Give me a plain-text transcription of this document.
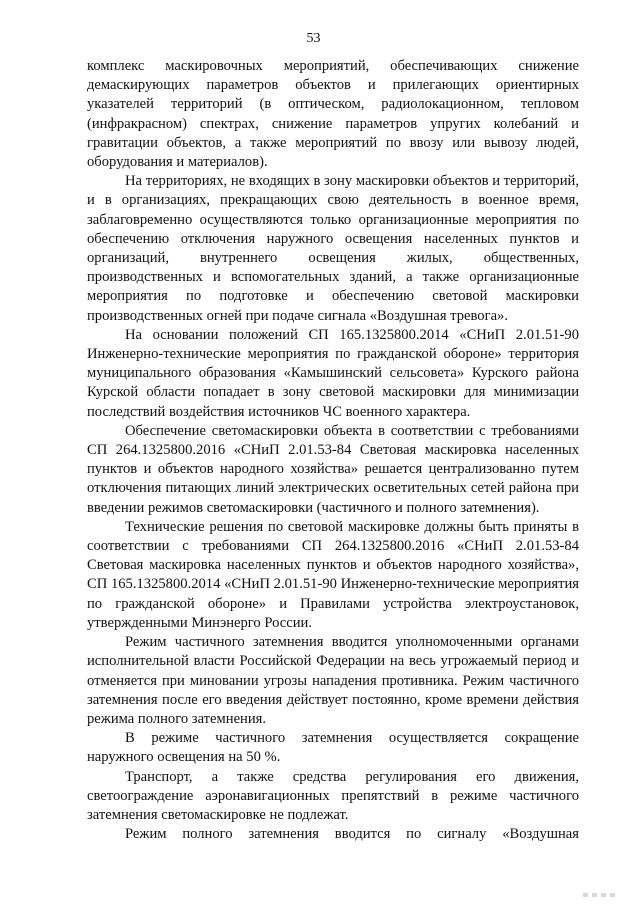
53

комплекс маскировочных мероприятий, обеспечивающих снижение демаскирующих параметров объектов и прилегающих ориентирных указателей территорий (в оптическом, радиолокационном, тепловом (инфракрасном) спектрах, снижение параметров упругих колебаний и гравитации объектов, а также мероприятий по ввозу или вывозу людей, оборудования и материалов).

На территориях, не входящих в зону маскировки объектов и территорий, и в организациях, прекращающих свою деятельность в военное время, заблаговременно осуществляются только организационные мероприятия по обеспечению отключения наружного освещения населенных пунктов и организаций, внутреннего освещения жилых, общественных, производственных и вспомогательных зданий, а также организационные мероприятия по подготовке и обеспечению световой маскировки производственных огней при подаче сигнала «Воздушная тревога».

На основании положений СП 165.1325800.2014 «СНиП 2.01.51-90 Инженерно-технические мероприятия по гражданской обороне» территория муниципального образования «Камышинский сельсовета» Курского района Курской области попадает в зону световой маскировки для минимизации последствий воздействия источников ЧС военного характера.

Обеспечение светомаскировки объекта в соответствии с требованиями СП 264.1325800.2016 «СНиП 2.01.53-84 Световая маскировка населенных пунктов и объектов народного хозяйства» решается централизованно путем отключения питающих линий электрических осветительных сетей района при введении режимов светомаскировки (частичного и полного затемнения).

Технические решения по световой маскировке должны быть приняты в соответствии с требованиями СП 264.1325800.2016 «СНиП 2.01.53-84 Световая маскировка населенных пунктов и объектов народного хозяйства», СП 165.1325800.2014 «СНиП 2.01.51-90 Инженерно-технические мероприятия по гражданской обороне» и Правилами устройства электроустановок, утвержденными Минэнерго России.

Режим частичного затемнения вводится уполномоченными органами исполнительной власти Российской Федерации на весь угрожаемый период и отменяется при миновании угрозы нападения противника. Режим частичного затемнения после его введения действует постоянно, кроме времени действия режима полного затемнения.

В режиме частичного затемнения осуществляется сокращение наружного освещения на 50 %.

Транспорт, а также средства регулирования его движения, светоограждение аэронавигационных препятствий в режиме частичного затемнения светомаскировке не подлежат.

Режим полного затемнения вводится по сигналу «Воздушная
